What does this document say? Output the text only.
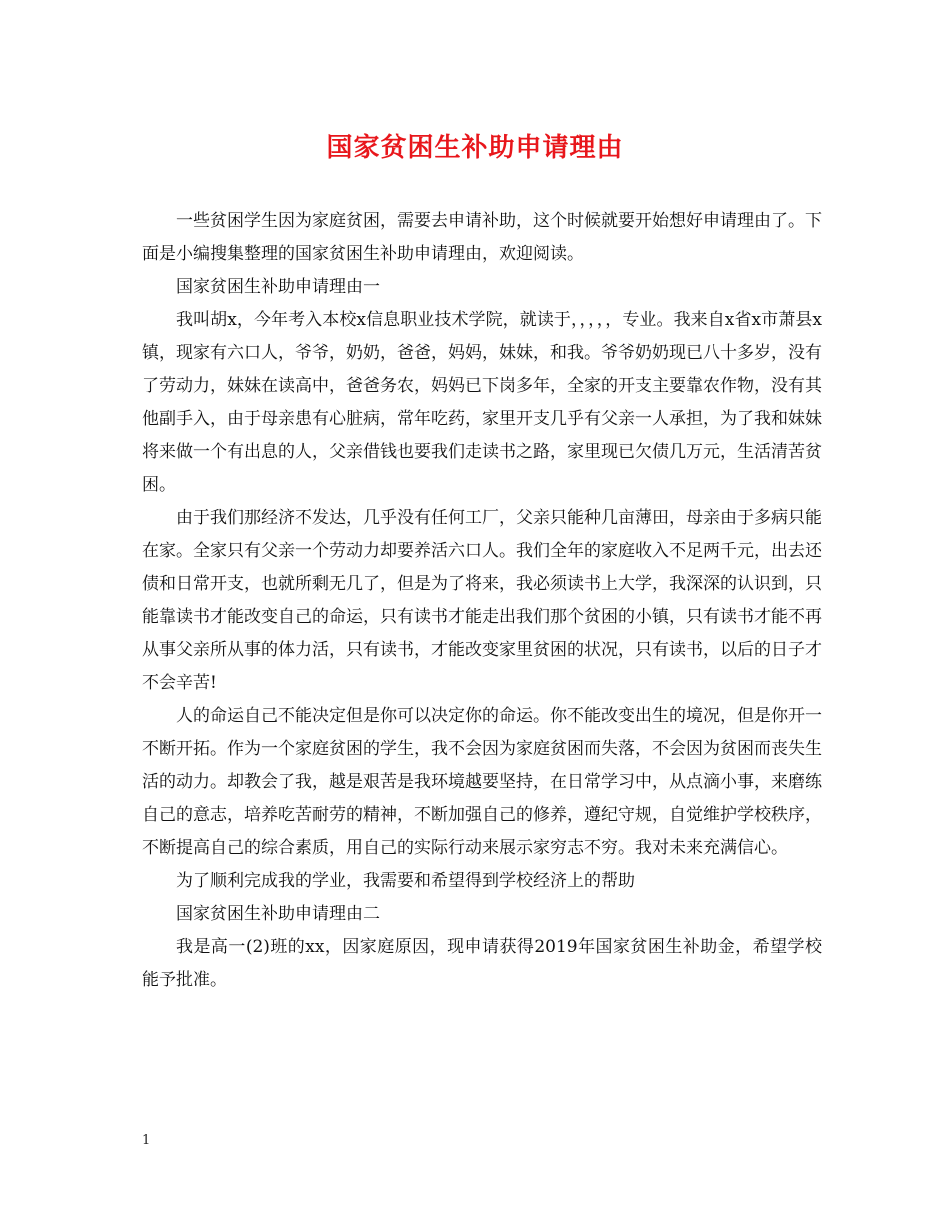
国家贫困生补助申请理由

一些贫困学生因为家庭贫困，需要去申请补助，这个时候就要开始想好申请理由了。下面是小编搜集整理的国家贫困生补助申请理由，欢迎阅读。

国家贫困生补助申请理由一

我叫胡x，今年考入本校x信息职业技术学院，就读于，，，，，专业。我来自x省x市萧县x镇，现家有六口人，爷爷，奶奶，爸爸，妈妈，妹妹，和我。爷爷奶奶现已八十多岁，没有了劳动力，妹妹在读高中，爸爸务农，妈妈已下岗多年，全家的开支主要靠农作物，没有其他副手入，由于母亲患有心脏病，常年吃药，家里开支几乎有父亲一人承担，为了我和妹妹将来做一个有出息的人，父亲借钱也要我们走读书之路，家里现已欠债几万元，生活清苦贫困。

由于我们那经济不发达，几乎没有任何工厂，父亲只能种几亩薄田，母亲由于多病只能在家。全家只有父亲一个劳动力却要养活六口人。我们全年的家庭收入不足两千元，出去还债和日常开支，也就所剩无几了，但是为了将来，我必须读书上大学，我深深的认识到，只能靠读书才能改变自己的命运，只有读书才能走出我们那个贫困的小镇，只有读书才能不再从事父亲所从事的体力活，只有读书，才能改变家里贫困的状况，只有读书，以后的日子才不会辛苦!

人的命运自己不能决定但是你可以决定你的命运。你不能改变出生的境况，但是你开一不断开拓。作为一个家庭贫困的学生，我不会因为家庭贫困而失落，不会因为贫困而丧失生活的动力。却教会了我，越是艰苦是我环境越要坚持，在日常学习中，从点滴小事，来磨练自己的意志，培养吃苦耐劳的精神，不断加强自己的修养，遵纪守规，自觉维护学校秩序，不断提高自己的综合素质，用自己的实际行动来展示家穷志不穷。我对未来充满信心。

为了顺利完成我的学业，我需要和希望得到学校经济上的帮助

国家贫困生补助申请理由二

我是高一(2)班的xx，因家庭原因，现申请获得2019年国家贫困生补助金，希望学校能予批准。

1
